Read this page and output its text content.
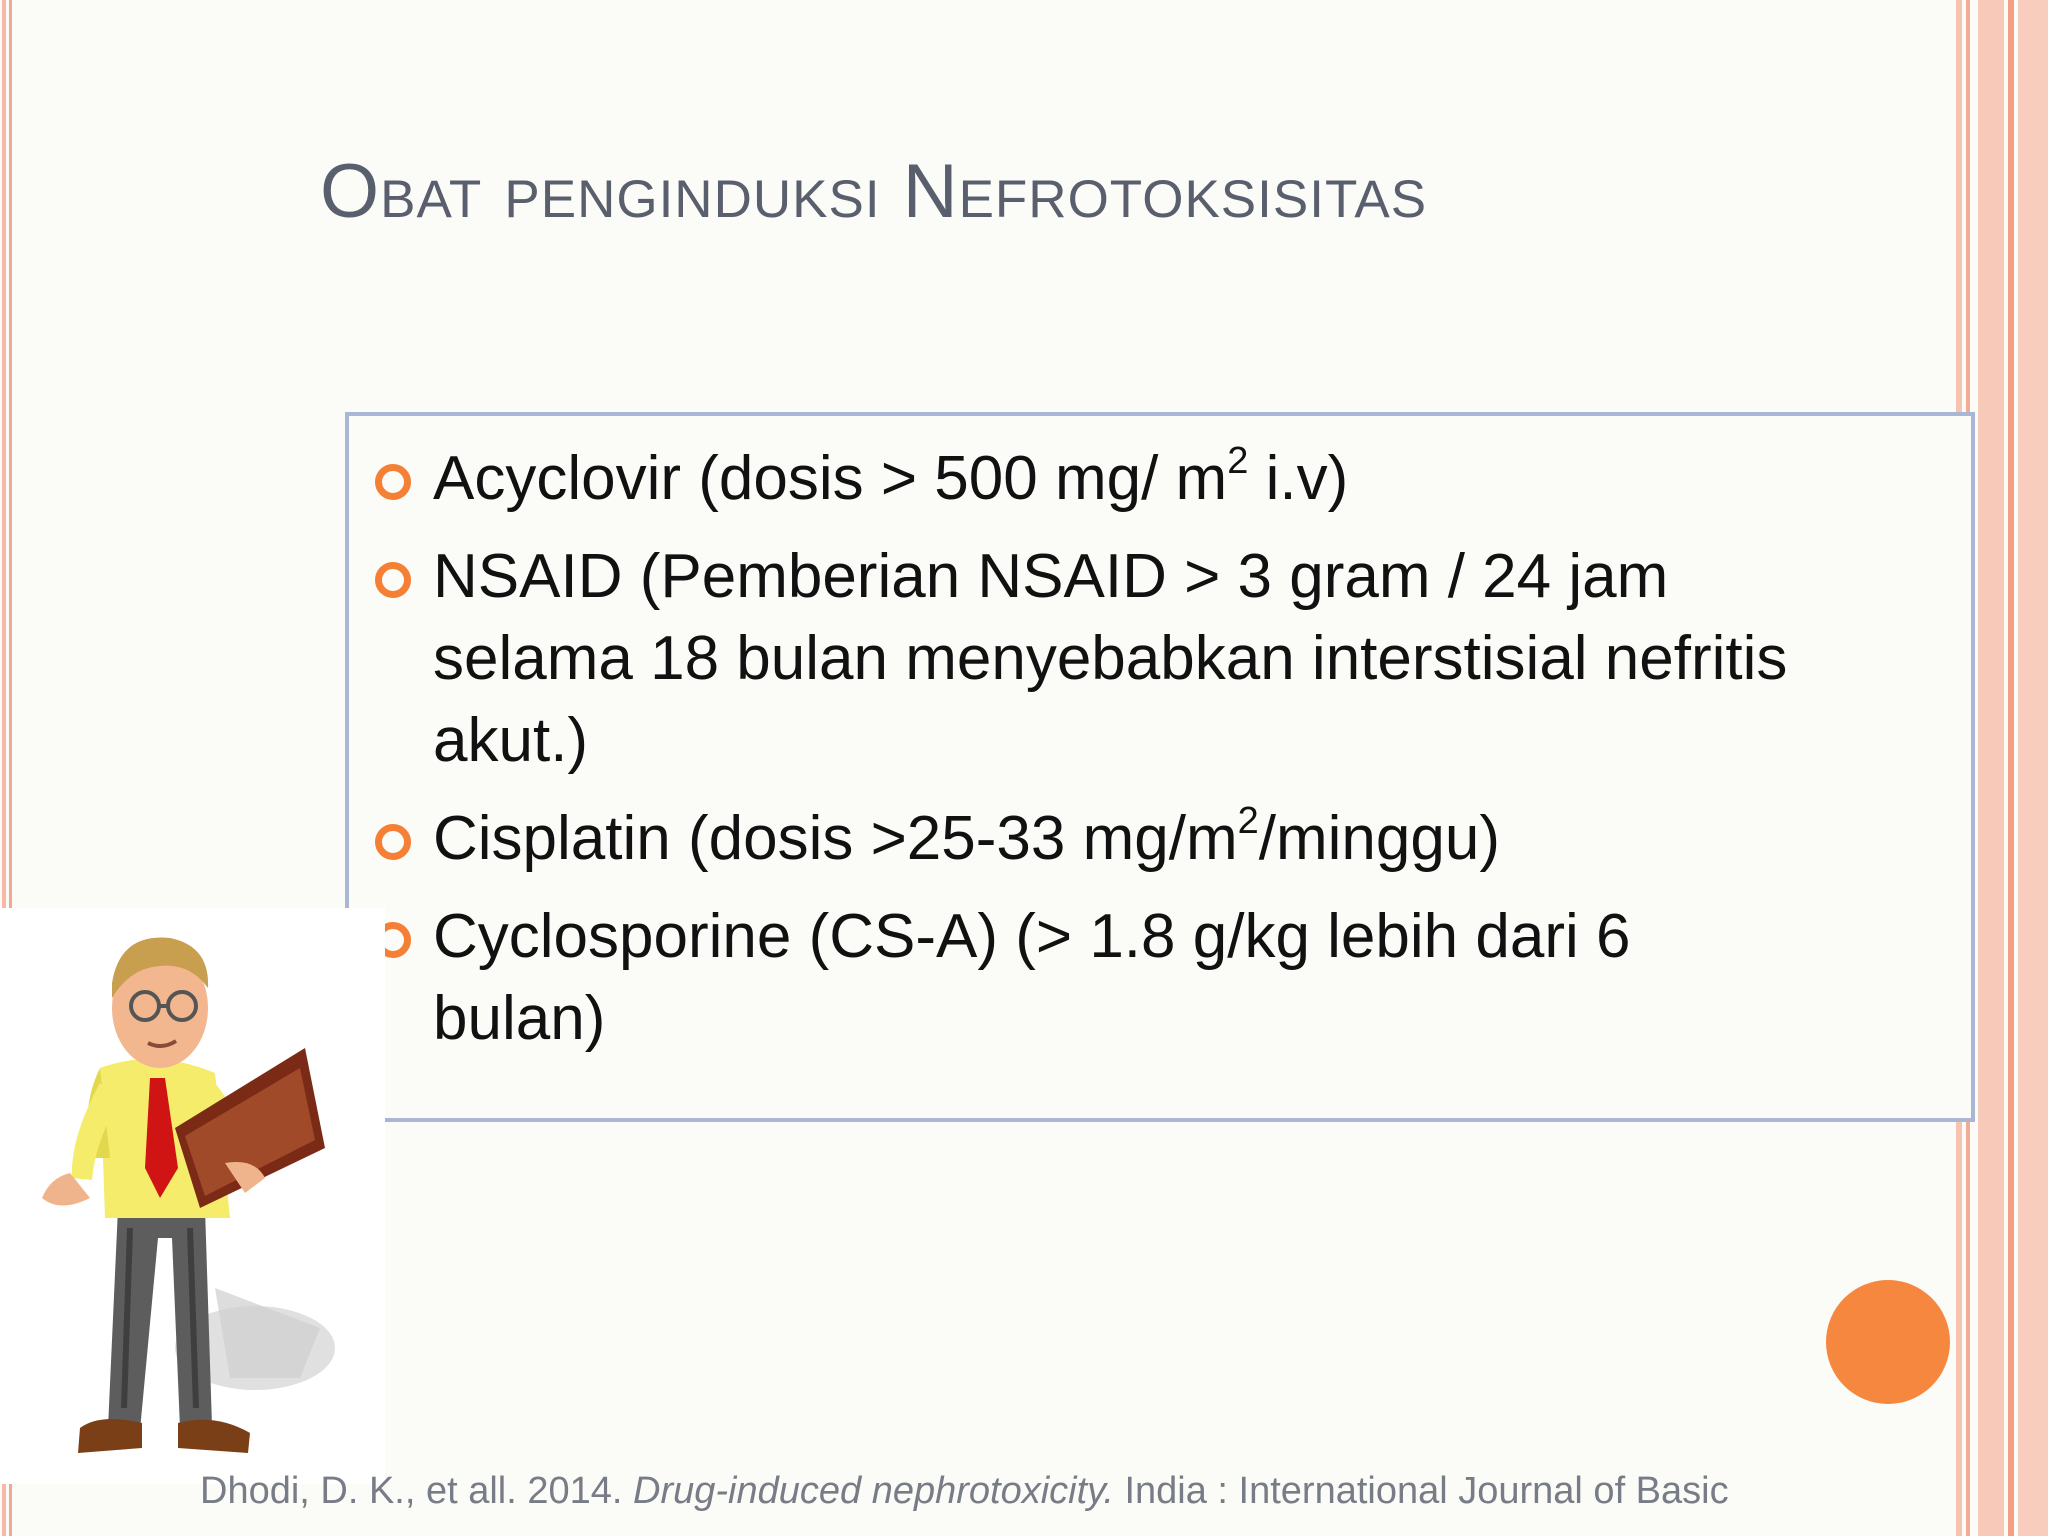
Obat penginduksi Nefrotoksisitas
Acyclovir (dosis > 500 mg/ $m^2$ i.v)
NSAID (Pemberian NSAID > 3 gram / 24 jam
selama 18 bulan menyebabkan interstisial nefritis
akut.)
Cisplatin (dosis >25-33 $mg/m^2/minggu$)
Cyclosporine (CS-A) (> 1.8 g/kg lebih dari 6
bulan)
Dhodi, D. K., et all. 2014. Drug-induced nephrotoxicity. India : International Journal of Basic
